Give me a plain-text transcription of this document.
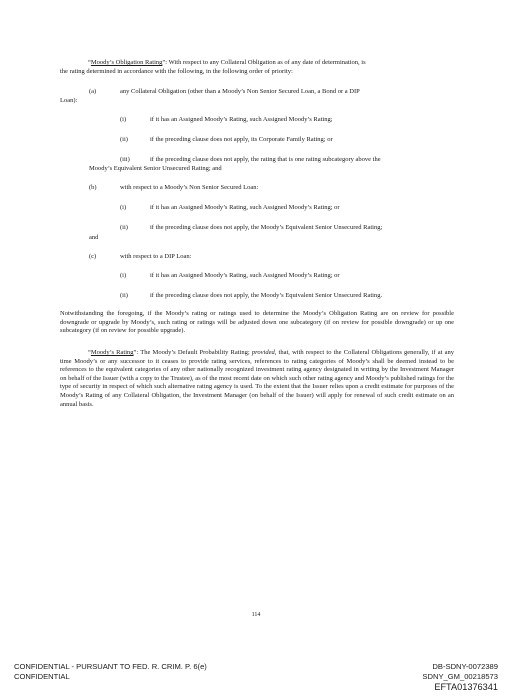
“Moody’s Obligation Rating”: With respect to any Collateral Obligation as of any date of determination, is
the rating determined in accordance with the following, in the following order of priority:
(a)	any Collateral Obligation (other than a Moody’s Non Senior Secured Loan, a Bond or a DIP
Loan):
(i)	if it has an Assigned Moody’s Rating, such Assigned Moody’s Rating;
(ii)	if the preceding clause does not apply, its Corporate Family Rating; or
(iii)	if the preceding clause does not apply, the rating that is one rating subcategory above the
Moody’s Equivalent Senior Unsecured Rating; and
(b)	with respect to a Moody’s Non Senior Secured Loan:
(i)	if it has an Assigned Moody’s Rating, such Assigned Moody’s Rating; or
(ii)	if the preceding clause does not apply, the Moody’s Equivalent Senior Unsecured Rating;
and
(c)	with respect to a DIP Loan:
(i)	if it has an Assigned Moody’s Rating, such Assigned Moody’s Rating; or
(ii)	if the preceding clause does not apply, the Moody’s Equivalent Senior Unsecured Rating.

Notwithstanding the foregoing, if the Moody’s rating or ratings used to determine the Moody’s Obligation Rating are on review for possible downgrade or upgrade by Moody’s, such rating or ratings will be adjusted down one subcategory (if on review for possible downgrade) or up one subcategory (if on review for possible upgrade).

“Moody’s Rating”: The Moody’s Default Probability Rating; provided, that, with respect to the Collateral Obligations generally, if at any time Moody’s or any successor to it ceases to provide rating services, references to rating categories of Moody’s shall be deemed instead to be references to the equivalent categories of any other nationally recognized investment rating agency designated in writing by the Investment Manager on behalf of the Issuer (with a copy to the Trustee), as of the most recent date on which such other rating agency and Moody’s published ratings for the type of security in respect of which such alternative rating agency is used. To the extent that the Issuer relies upon a credit estimate for purposes of the Moody’s Rating of any Collateral Obligation, the Investment Manager (on behalf of the Issuer) will apply for renewal of such credit estimate on an annual basis.

114
CONFIDENTIAL - PURSUANT TO FED. R. CRIM. P. 6(e)
CONFIDENTIAL
DB-SDNY-0072389
SDNY_GM_00218573
EFTA01376341
